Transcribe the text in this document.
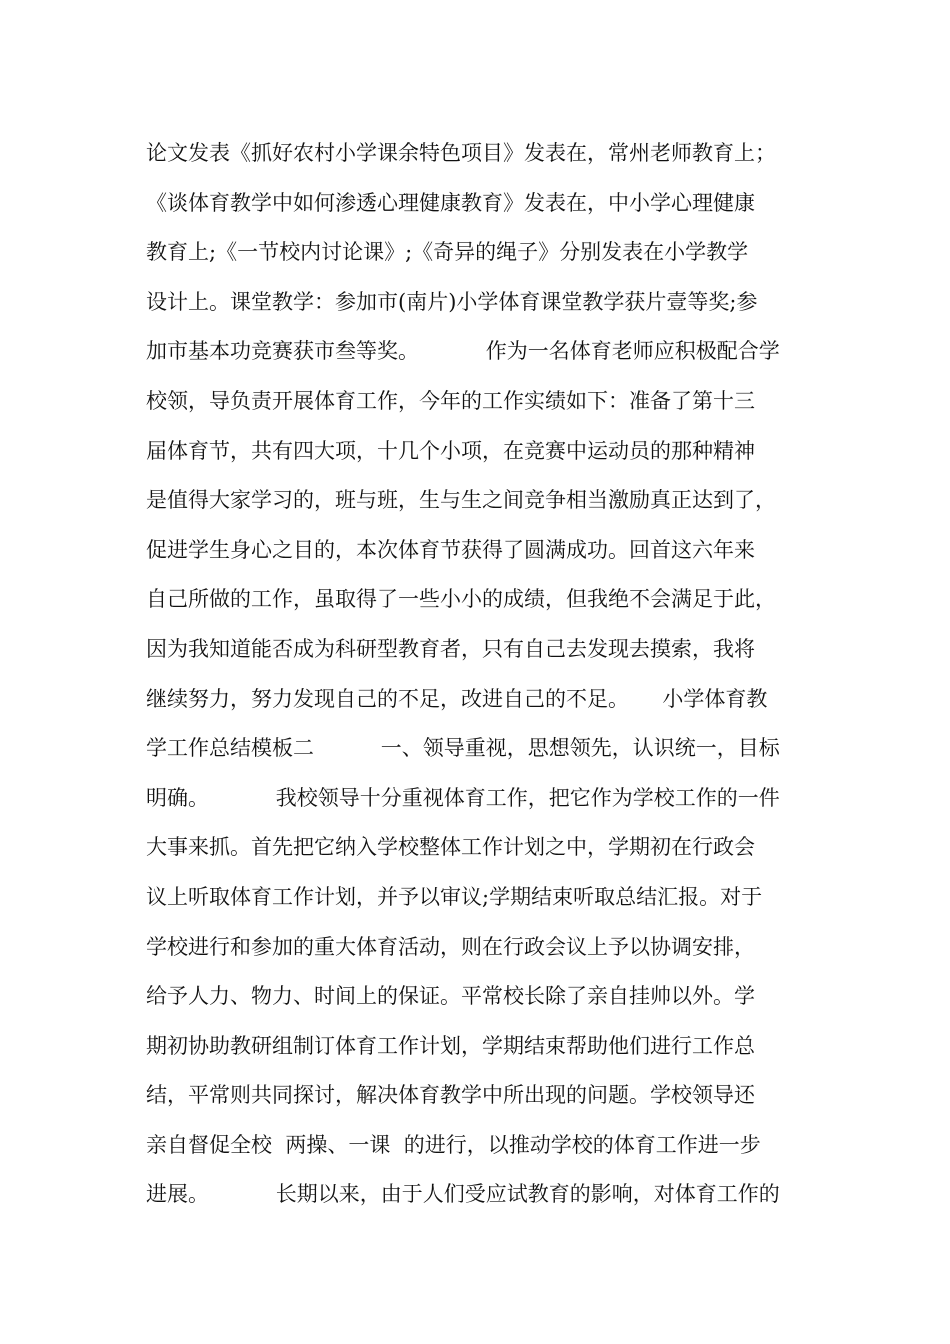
论文发表《抓好农村小学课余特色项目》发表在，常州老师教育上；
《谈体育教学中如何渗透心理健康教育》发表在，中小学心理健康
教育上;《一节校内讨论课》;《奇异的绳子》分别发表在小学教学
设计上。课堂教学：参加市(南片)小学体育课堂教学获片壹等奖;参
加市基本功竞赛获市叁等奖。          作为一名体育老师应积极配合学
校领，导负责开展体育工作，今年的工作实绩如下：准备了第十三
届体育节，共有四大项，十几个小项，在竞赛中运动员的那种精神
是值得大家学习的，班与班，生与生之间竞争相当激励真正达到了，
促进学生身心之目的，本次体育节获得了圆满成功。回首这六年来
自己所做的工作，虽取得了一些小小的成绩，但我绝不会满足于此，
因为我知道能否成为科研型教育者，只有自己去发现去摸索，我将
继续努力，努力发现自己的不足，改进自己的不足。     小学体育教
学工作总结模板二          一、领导重视，思想领先，认识统一，目标
明确。          我校领导十分重视体育工作，把它作为学校工作的一件
大事来抓。首先把它纳入学校整体工作计划之中，学期初在行政会
议上听取体育工作计划，并予以审议;学期结束听取总结汇报。对于
学校进行和参加的重大体育活动，则在行政会议上予以协调安排，
给予人力、物力、时间上的保证。平常校长除了亲自挂帅以外。学
期初协助教研组制订体育工作计划，学期结束帮助他们进行工作总
结，平常则共同探讨，解决体育教学中所出现的问题。学校领导还
亲自督促全校  两操、一课  的进行，以推动学校的体育工作进一步
进展。          长期以来，由于人们受应试教育的影响，对体育工作的
